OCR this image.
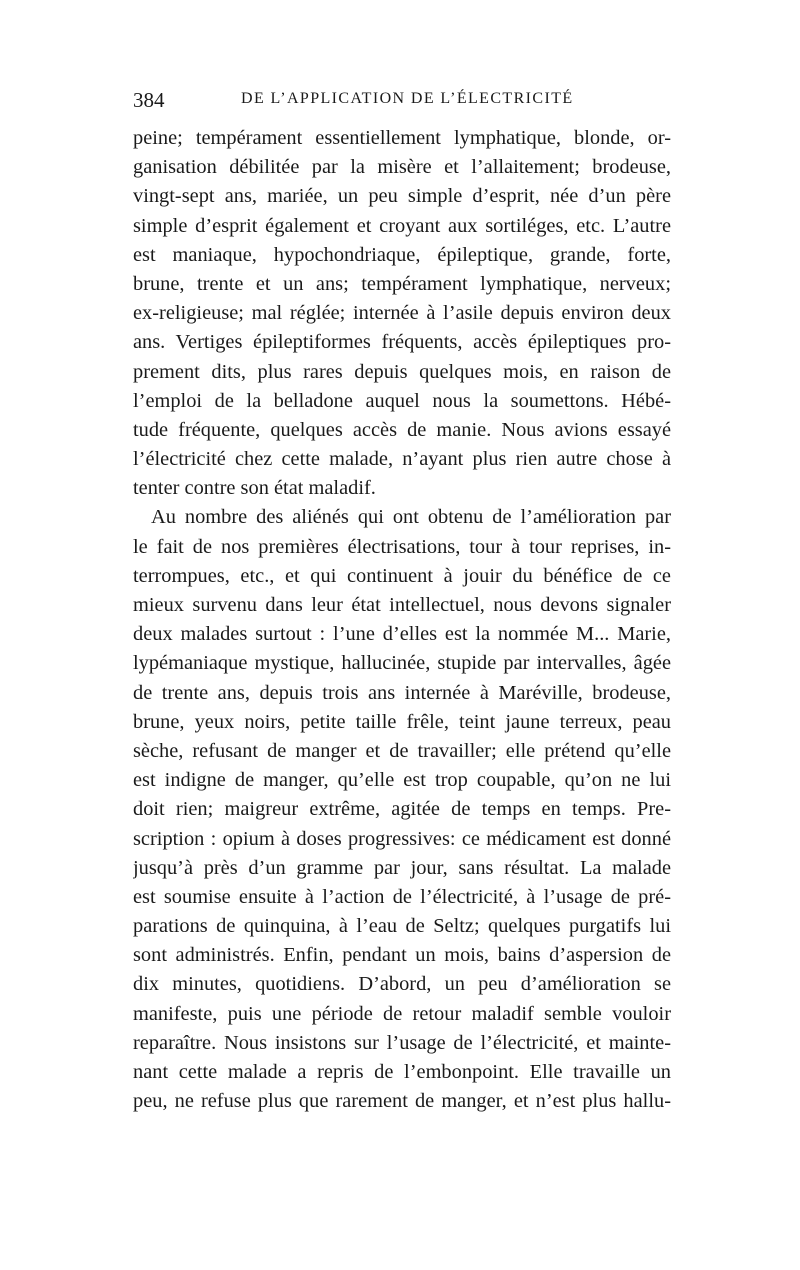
384	DE L’APPLICATION DE L’ÉLECTRICITÉ
peine; tempérament essentiellement lymphatique, blonde, or-
ganisation débilitée par la misère et l’allaitement; brodeuse,
vingt-sept ans, mariée, un peu simple d’esprit, née d’un père
simple d’esprit également et croyant aux sortiléges, etc. L’autre
est maniaque, hypochondriaque, épileptique, grande, forte,
brune, trente et un ans; tempérament lymphatique, nerveux;
ex-religieuse; mal réglée; internée à l’asile depuis environ deux
ans. Vertiges épileptiformes fréquents, accès épileptiques pro-
prement dits, plus rares depuis quelques mois, en raison de
l’emploi de la belladone auquel nous la soumettons. Hébé-
tude fréquente, quelques accès de manie. Nous avions essayé
l’électricité chez cette malade, n’ayant plus rien autre chose à
tenter contre son état maladif.
Au nombre des aliénés qui ont obtenu de l’amélioration par
le fait de nos premières électrisations, tour à tour reprises, in-
terrompues, etc., et qui continuent à jouir du bénéfice de ce
mieux survenu dans leur état intellectuel, nous devons signaler
deux malades surtout : l’une d’elles est la nommée M... Marie,
lypémaniaque mystique, hallucinée, stupide par intervalles, âgée
de trente ans, depuis trois ans internée à Maréville, brodeuse,
brune, yeux noirs, petite taille frêle, teint jaune terreux, peau
sèche, refusant de manger et de travailler; elle prétend qu’elle
est indigne de manger, qu’elle est trop coupable, qu’on ne lui
doit rien; maigreur extrême, agitée de temps en temps. Pre-
scription : opium à doses progressives: ce médicament est donné
jusqu’à près d’un gramme par jour, sans résultat. La malade
est soumise ensuite à l’action de l’électricité, à l’usage de pré-
parations de quinquina, à l’eau de Seltz; quelques purgatifs lui
sont administrés. Enfin, pendant un mois, bains d’aspersion de
dix minutes, quotidiens. D’abord, un peu d’amélioration se
manifeste, puis une période de retour maladif semble vouloir
reparaître. Nous insistons sur l’usage de l’électricité, et mainte-
nant cette malade a repris de l’embonpoint. Elle travaille un
peu, ne refuse plus que rarement de manger, et n’est plus hallu-
